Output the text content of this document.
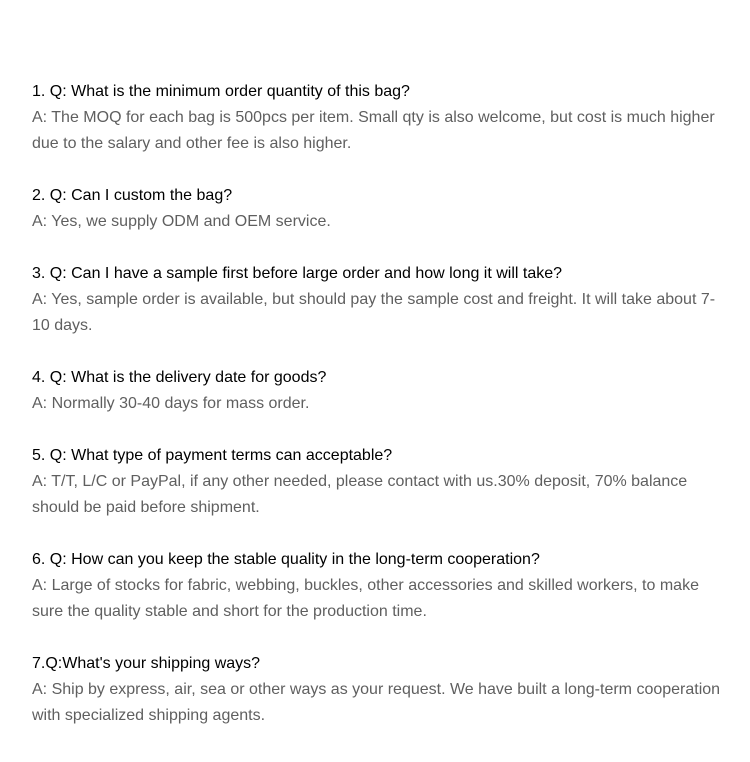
1. Q: What is the minimum order quantity of this bag?

A: The MOQ for each bag is 500pcs per item. Small qty is also welcome, but cost is much higher due to the salary and other fee is also higher.

2. Q: Can I custom the bag?

A: Yes, we supply ODM and OEM service.

3. Q: Can I have a sample first before large order and how long it will take?

A: Yes, sample order is available, but should pay the sample cost and freight. It will take about 7-10 days.

4. Q: What is the delivery date for goods?

A: Normally 30-40 days for mass order.

5. Q: What type of payment terms can acceptable?

A: T/T, L/C or PayPal, if any other needed, please contact with us.30% deposit, 70% balance should be paid before shipment.

6. Q: How can you keep the stable quality in the long-term cooperation?

A: Large of stocks for fabric, webbing, buckles, other accessories and skilled workers, to make sure the quality stable and short for the production time.

7.Q:What's your shipping ways?

A: Ship by express, air, sea or other ways as your request. We have built a long-term cooperation with specialized shipping agents.
